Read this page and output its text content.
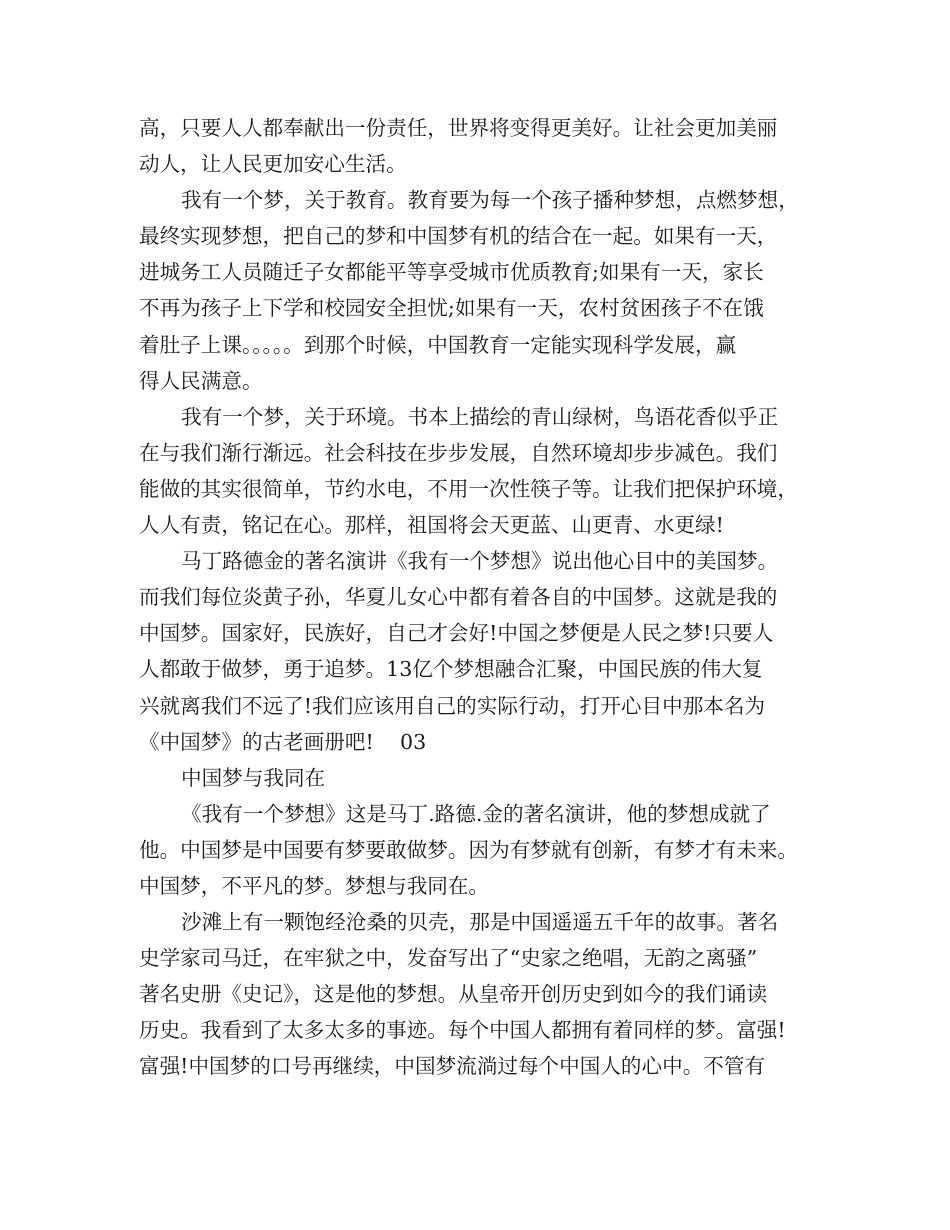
高，只要人人都奉献出一份责任，世界将变得更美好。让社会更加美丽
动人，让人民更加安心生活。
我有一个梦，关于教育。教育要为每一个孩子播种梦想，点燃梦想，
最终实现梦想，把自己的梦和中国梦有机的结合在一起。如果有一天，
进城务工人员随迁子女都能平等享受城市优质教育;如果有一天，家长
不再为孩子上下学和校园安全担忧;如果有一天，农村贫困孩子不在饿
着肚子上课。。。。。到那个时候，中国教育一定能实现科学发展，赢
得人民满意。
我有一个梦，关于环境。书本上描绘的青山绿树，鸟语花香似乎正
在与我们渐行渐远。社会科技在步步发展，自然环境却步步减色。我们
能做的其实很简单，节约水电，不用一次性筷子等。让我们把保护环境，
人人有责，铭记在心。那样，祖国将会天更蓝、山更青、水更绿!
马丁路德金的著名演讲《我有一个梦想》说出他心目中的美国梦。
而我们每位炎黄子孙，华夏儿女心中都有着各自的中国梦。这就是我的
中国梦。国家好，民族好，自己才会好!中国之梦便是人民之梦!只要人
人都敢于做梦，勇于追梦。13亿个梦想融合汇聚，中国民族的伟大复
兴就离我们不远了!我们应该用自己的实际行动，打开心目中那本名为
《中国梦》的古老画册吧!    03
中国梦与我同在
《我有一个梦想》这是马丁.路德.金的著名演讲，他的梦想成就了
他。中国梦是中国要有梦要敢做梦。因为有梦就有创新，有梦才有未来。
中国梦，不平凡的梦。梦想与我同在。
沙滩上有一颗饱经沧桑的贝壳，那是中国遥遥五千年的故事。著名
史学家司马迁，在牢狱之中，发奋写出了“史家之绝唱，无韵之离骚”
著名史册《史记》，这是他的梦想。从皇帝开创历史到如今的我们诵读
历史。我看到了太多太多的事迹。每个中国人都拥有着同样的梦。富强!
富强!中国梦的口号再继续，中国梦流淌过每个中国人的心中。不管有
